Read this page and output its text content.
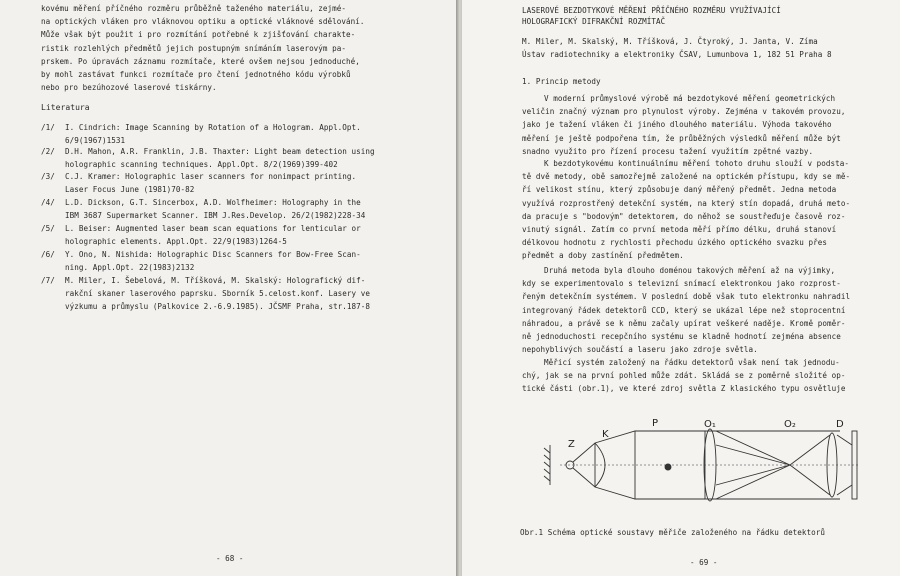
kovému měření příčného rozměru průběžně taženého materiálu, zejmé-
na optických vláken pro vláknovou optiku a optické vláknové sdělování.
Může však být použit i pro rozmítání potřebné k zjišťování charakte-
ristik rozlehlých předmětů jejich postupným snímáním laserovým pa-
prskem. Po úpravách záznamu rozmítače, které ovšem nejsou jednoduché,
by mohl zastávat funkci rozmítače pro čtení jednotného kódu výrobků
nebo pro bezúhozové laserové tiskárny.
Literatura
/1/	I. Cindrich: Image Scanning by Rotation of a Hologram. Appl.Opt.
6/9(1967)1531
/2/	D.H. Mahon, A.R. Franklin, J.B. Thaxter: Light beam detection using
holographic scanning techniques. Appl.Opt. 8/2(1969)399-402
/3/	C.J. Kramer: Holographic laser scanners for nonimpact printing.
Laser Focus June (1981)70-82
/4/	L.D. Dickson, G.T. Sincerbox, A.D. Wolfheimer: Holography in the
IBM 3687 Supermarket Scanner. IBM J.Res.Develop. 26/2(1982)228-34
/5/	L. Beiser: Augmented laser beam scan equations for lenticular or
holographic elements. Appl.Opt. 22/9(1983)1264-5
/6/	Y. Ono, N. Nishida: Holographic Disc Scanners for Bow-Free Scan-
ning. Appl.Opt. 22(1983)2132
/7/	M. Miler, I. Šebelová, M. Tříšková, M. Skalský: Holografický dif-
rakční skaner laserového paprsku. Sborník 5.celost.konf. Lasery ve
výzkumu a průmyslu (Palkovice 2.-6.9.1985). JČSMF Praha, str.187-8
- 68 -
LASEROVÉ BEZDOTYKOVÉ MĚŘENÍ PŘÍČNÉHO ROZMĚRU VYUŽÍVAJÍCÍ
HOLOGRAFICKÝ DIFRAKČNÍ ROZMÍTAČ
M. Miler, M. Skalský, M. Tříšková, J. Čtyroký, J. Janta, V. Zíma
Ústav radiotechniky a elektroniky ČSAV, Lumunbova 1, 182 51 Praha 8
1. Princip metody
V moderní průmyslové výrobě má bezdotykové měření geometrických
veličin značný význam pro plynulost výroby. Zejména v takovém provozu,
jako je tažení vláken či jiného dlouhého materiálu. Výhoda takového
měření je ještě podpořena tím, že průběžných výsledků měření může být
snadno využito pro řízení procesu tažení využitím zpětné vazby.
K bezdotykovému kontinuálnímu měření tohoto druhu slouží v podsta-
tě dvě metody, obě samozřejmě založené na optickém přístupu, kdy se mě-
ří velikost stínu, který způsobuje daný měřený předmět. Jedna metoda
využívá rozprostřený detekční systém, na který stín dopadá, druhá meto-
da pracuje s "bodovým" detektorem, do něhož se soustřeďuje časově roz-
vinutý signál. Zatím co první metoda měří přímo délku, druhá stanoví
délkovou hodnotu z rychlosti přechodu úzkého optického svazku přes
předmět a doby zastínění předmětem.
Druhá metoda byla dlouho doménou takových měření až na výjimky,
kdy se experimentovalo s televizní snímací elektronkou jako rozprost-
řeným detekčním systémem. V poslední době však tuto elektronku nahradil
integrovaný řádek detektorů CCD, který se ukázal lépe než stoprocentní
náhradou, a právě se k němu začaly upírat veškeré naděje. Kromě poměr-
ně jednoduchosti recepčního systému se kladně hodnotí zejména absence
nepohyblivých součástí a laseru jako zdroje světla.
Měřicí systém založený na řádku detektorů však není tak jednodu-
chý, jak se na první pohled může zdát. Skládá se z poměrně složité op-
tické části (obr.1), ve které zdroj světla Z klasického typu osvětluje
Z
K
P	O₁	O₂	D
Obr.1 Schéma optické soustavy měřiče založeného na řádku detektorů
- 69 -
